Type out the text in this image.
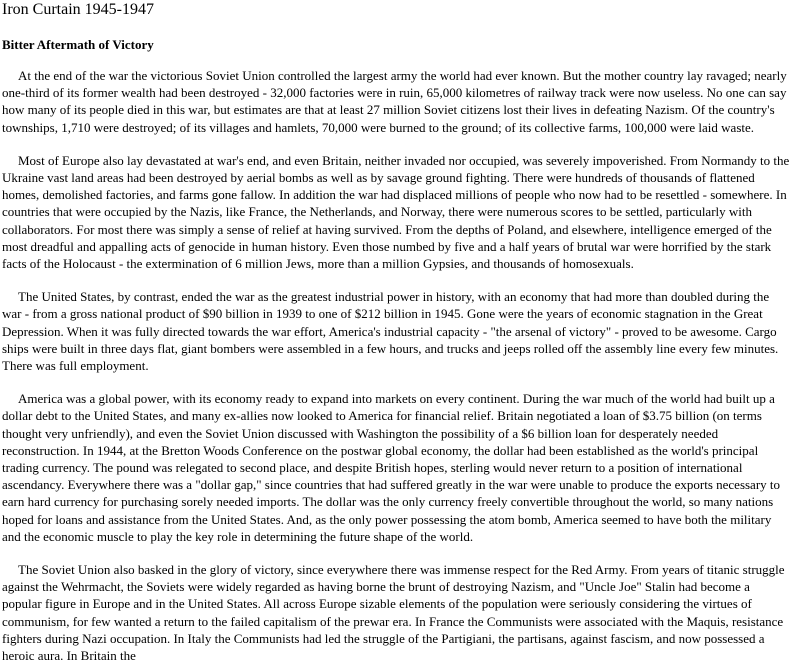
Iron Curtain 1945-1947
Bitter Aftermath of Victory

At the end of the war the victorious Soviet Union controlled the largest army the world had ever known. But the mother country lay ravaged; nearly one-third of its former wealth had been destroyed - 32,000 factories were in ruin, 65,000 kilometres of railway track were now useless. No one can say how many of its people died in this war, but estimates are that at least 27 million Soviet citizens lost their lives in defeating Nazism. Of the country's townships, 1,710 were destroyed; of its villages and hamlets, 70,000 were burned to the ground; of its collective farms, 100,000 were laid waste.

Most of Europe also lay devastated at war's end, and even Britain, neither invaded nor occupied, was severely impoverished. From Normandy to the Ukraine vast land areas had been destroyed by aerial bombs as well as by savage ground fighting. There were hundreds of thousands of flattened homes, demolished factories, and farms gone fallow. In addition the war had displaced millions of people who now had to be resettled - somewhere. In countries that were occupied by the Nazis, like France, the Netherlands, and Norway, there were numerous scores to be settled, particularly with collaborators. For most there was simply a sense of relief at having survived. From the depths of Poland, and elsewhere, intelligence emerged of the most dreadful and appalling acts of genocide in human history. Even those numbed by five and a half years of brutal war were horrified by the stark facts of the Holocaust - the extermination of 6 million Jews, more than a million Gypsies, and thousands of homosexuals.

The United States, by contrast, ended the war as the greatest industrial power in history, with an economy that had more than doubled during the war - from a gross national product of $90 billion in 1939 to one of $212 billion in 1945. Gone were the years of economic stagnation in the Great Depression. When it was fully directed towards the war effort, America's industrial capacity - "the arsenal of victory" - proved to be awesome. Cargo ships were built in three days flat, giant bombers were assembled in a few hours, and trucks and jeeps rolled off the assembly line every few minutes. There was full employment.

America was a global power, with its economy ready to expand into markets on every continent. During the war much of the world had built up a dollar debt to the United States, and many ex-allies now looked to America for financial relief. Britain negotiated a loan of $3.75 billion (on terms thought very unfriendly), and even the Soviet Union discussed with Washington the possibility of a $6 billion loan for desperately needed reconstruction. In 1944, at the Bretton Woods Conference on the postwar global economy, the dollar had been established as the world's principal trading currency. The pound was relegated to second place, and despite British hopes, sterling would never return to a position of international ascendancy. Everywhere there was a "dollar gap," since countries that had suffered greatly in the war were unable to produce the exports necessary to earn hard currency for purchasing sorely needed imports. The dollar was the only currency freely convertible throughout the world, so many nations hoped for loans and assistance from the United States. And, as the only power possessing the atom bomb, America seemed to have both the military and the economic muscle to play the key role in determining the future shape of the world.

The Soviet Union also basked in the glory of victory, since everywhere there was immense respect for the Red Army. From years of titanic struggle against the Wehrmacht, the Soviets were widely regarded as having borne the brunt of destroying Nazism, and "Uncle Joe" Stalin had become a popular figure in Europe and in the United States. All across Europe sizable elements of the population were seriously considering the virtues of communism, for few wanted a return to the failed capitalism of the prewar era. In France the Communists were associated with the Maquis, resistance fighters during Nazi occupation. In Italy the Communists had led the struggle of the Partigiani, the partisans, against fascism, and now possessed a heroic aura. In Britain the
